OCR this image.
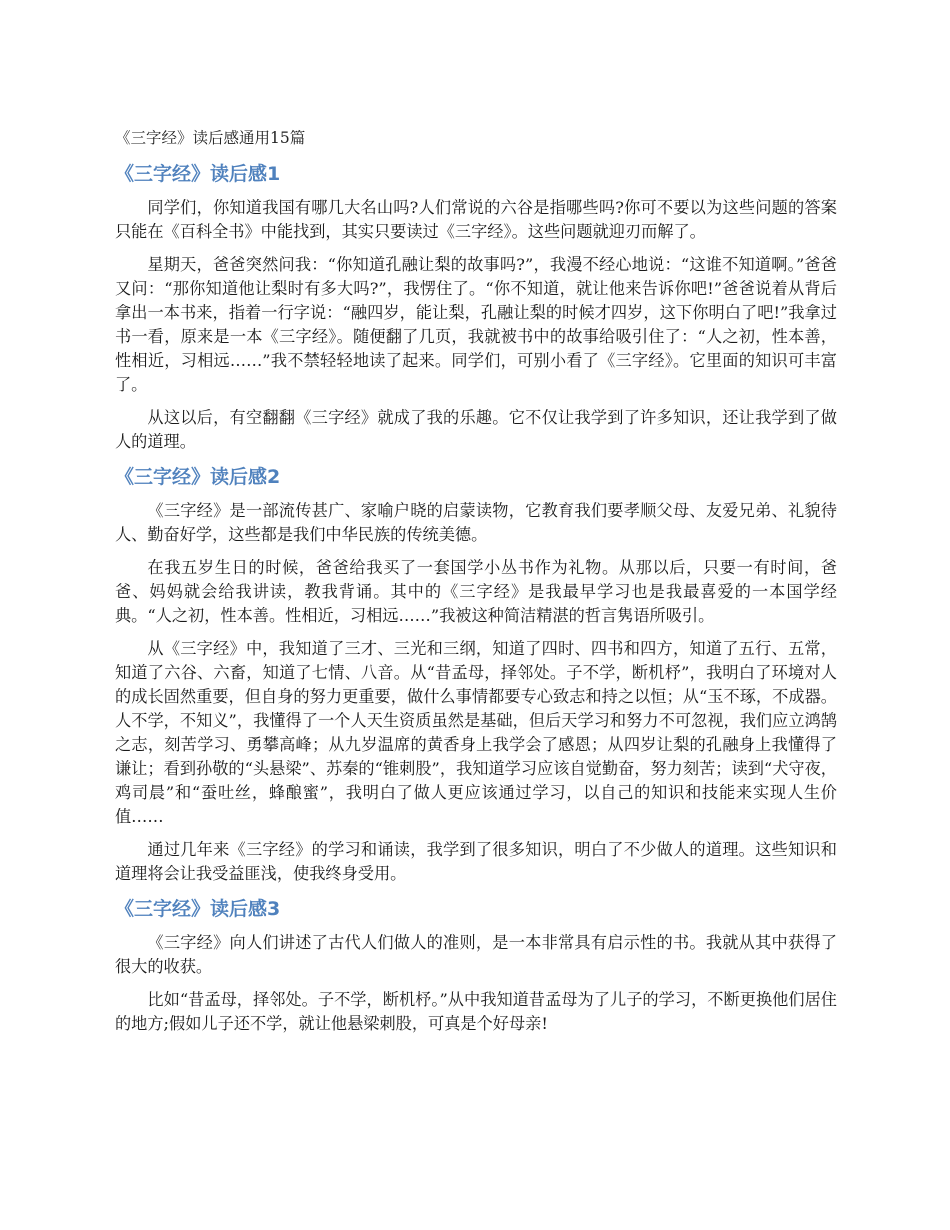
《三字经》读后感通用15篇
《三字经》读后感1

同学们，你知道我国有哪几大名山吗?人们常说的六谷是指哪些吗?你可不要以为这些问题的答案只能在《百科全书》中能找到，其实只要读过《三字经》。这些问题就迎刃而解了。

星期天，爸爸突然问我：“你知道孔融让梨的故事吗?”，我漫不经心地说：“这谁不知道啊。”爸爸又问：“那你知道他让梨时有多大吗?”，我愣住了。“你不知道，就让他来告诉你吧!”爸爸说着从背后拿出一本书来，指着一行字说：“融四岁，能让梨，孔融让梨的时候才四岁，这下你明白了吧!”我拿过书一看，原来是一本《三字经》。随便翻了几页，我就被书中的故事给吸引住了：“人之初，性本善，性相近，习相远……”我不禁轻轻地读了起来。同学们，可别小看了《三字经》。它里面的知识可丰富了。

从这以后，有空翻翻《三字经》就成了我的乐趣。它不仅让我学到了许多知识，还让我学到了做人的道理。

《三字经》读后感2

《三字经》是一部流传甚广、家喻户晓的启蒙读物，它教育我们要孝顺父母、友爱兄弟、礼貌待人、勤奋好学，这些都是我们中华民族的传统美德。

在我五岁生日的时候，爸爸给我买了一套国学小丛书作为礼物。从那以后，只要一有时间，爸爸、妈妈就会给我讲读，教我背诵。其中的《三字经》是我最早学习也是我最喜爱的一本国学经典。“人之初，性本善。性相近，习相远……”我被这种简洁精湛的哲言隽语所吸引。

从《三字经》中，我知道了三才、三光和三纲，知道了四时、四书和四方，知道了五行、五常，知道了六谷、六畜，知道了七情、八音。从“昔孟母，择邻处。子不学，断机杼”，我明白了环境对人的成长固然重要，但自身的努力更重要，做什么事情都要专心致志和持之以恒；从“玉不琢，不成器。人不学，不知义”，我懂得了一个人天生资质虽然是基础，但后天学习和努力不可忽视，我们应立鸿鹄之志，刻苦学习、勇攀高峰；从九岁温席的黄香身上我学会了感恩；从四岁让梨的孔融身上我懂得了谦让；看到孙敬的“头悬梁”、苏秦的“锥刺股”，我知道学习应该自觉勤奋，努力刻苦；读到“犬守夜，鸡司晨”和“蚕吐丝，蜂酿蜜”，我明白了做人更应该通过学习，以自己的知识和技能来实现人生价值……

通过几年来《三字经》的学习和诵读，我学到了很多知识，明白了不少做人的道理。这些知识和道理将会让我受益匪浅，使我终身受用。

《三字经》读后感3

《三字经》向人们讲述了古代人们做人的准则，是一本非常具有启示性的书。我就从其中获得了很大的收获。

比如“昔孟母，择邻处。子不学，断机杼。”从中我知道昔孟母为了儿子的学习，不断更换他们居住的地方;假如儿子还不学，就让他悬梁刺股，可真是个好母亲!
